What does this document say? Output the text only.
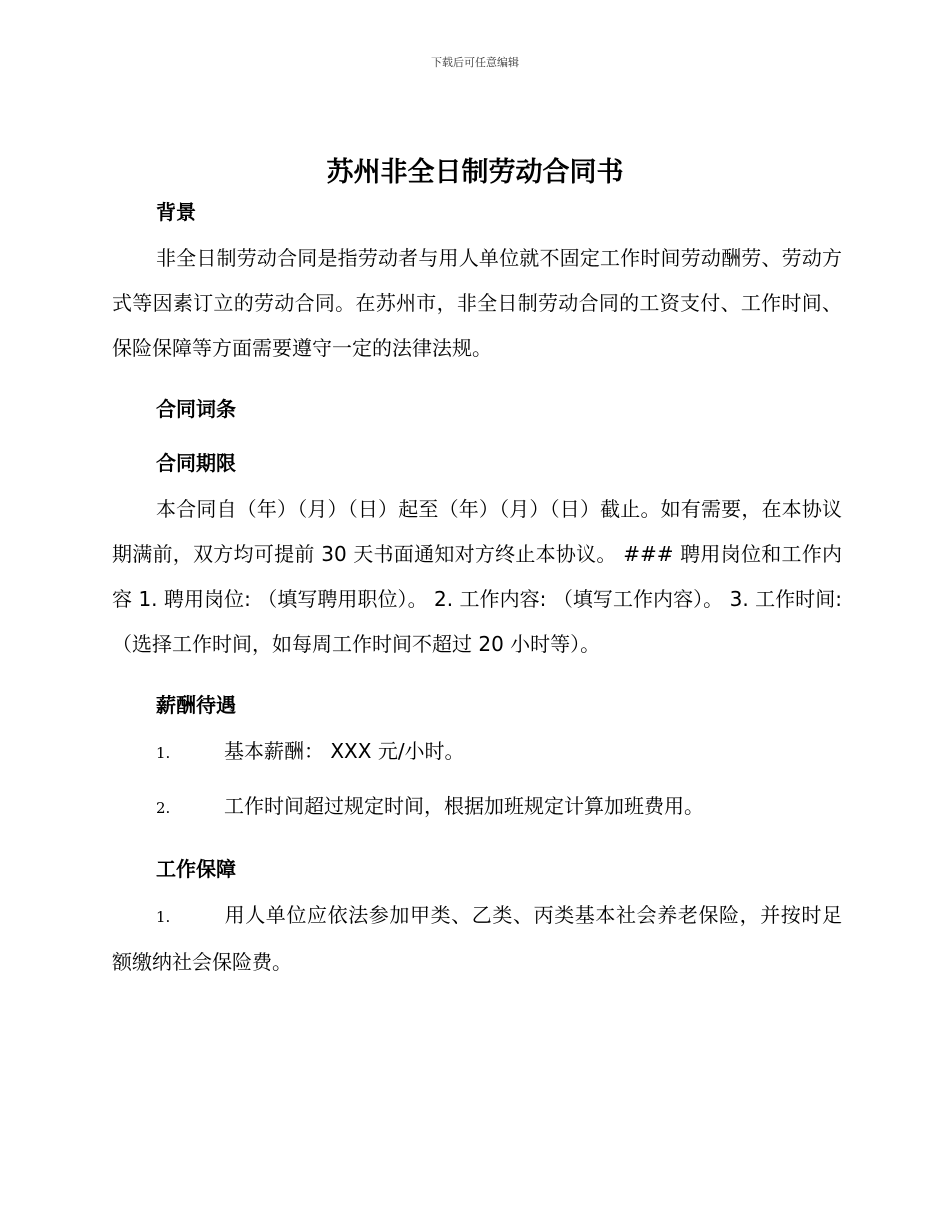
下载后可任意编辑
苏州非全日制劳动合同书

背景

非全日制劳动合同是指劳动者与用人单位就不固定工作时间劳动酬劳、劳动方式等因素订立的劳动合同。在苏州市，非全日制劳动合同的工资支付、工作时间、保险保障等方面需要遵守一定的法律法规。

合同词条

合同期限

本合同自（年）（月）（日）起至（年）（月）（日）截止。如有需要，在本协议期满前，双方均可提前 30 天书面通知对方终止本协议。 ### 聘用岗位和工作内容 1. 聘用岗位: （填写聘用职位）。 2. 工作内容: （填写工作内容）。 3. 工作时间: （选择工作时间，如每周工作时间不超过 20 小时等）。

薪酬待遇

1.	基本薪酬： XXX 元/小时。
2.	工作时间超过规定时间，根据加班规定计算加班费用。

工作保障

1.	用人单位应依法参加甲类、乙类、丙类基本社会养老保险，并按时足额缴纳社会保险费。
